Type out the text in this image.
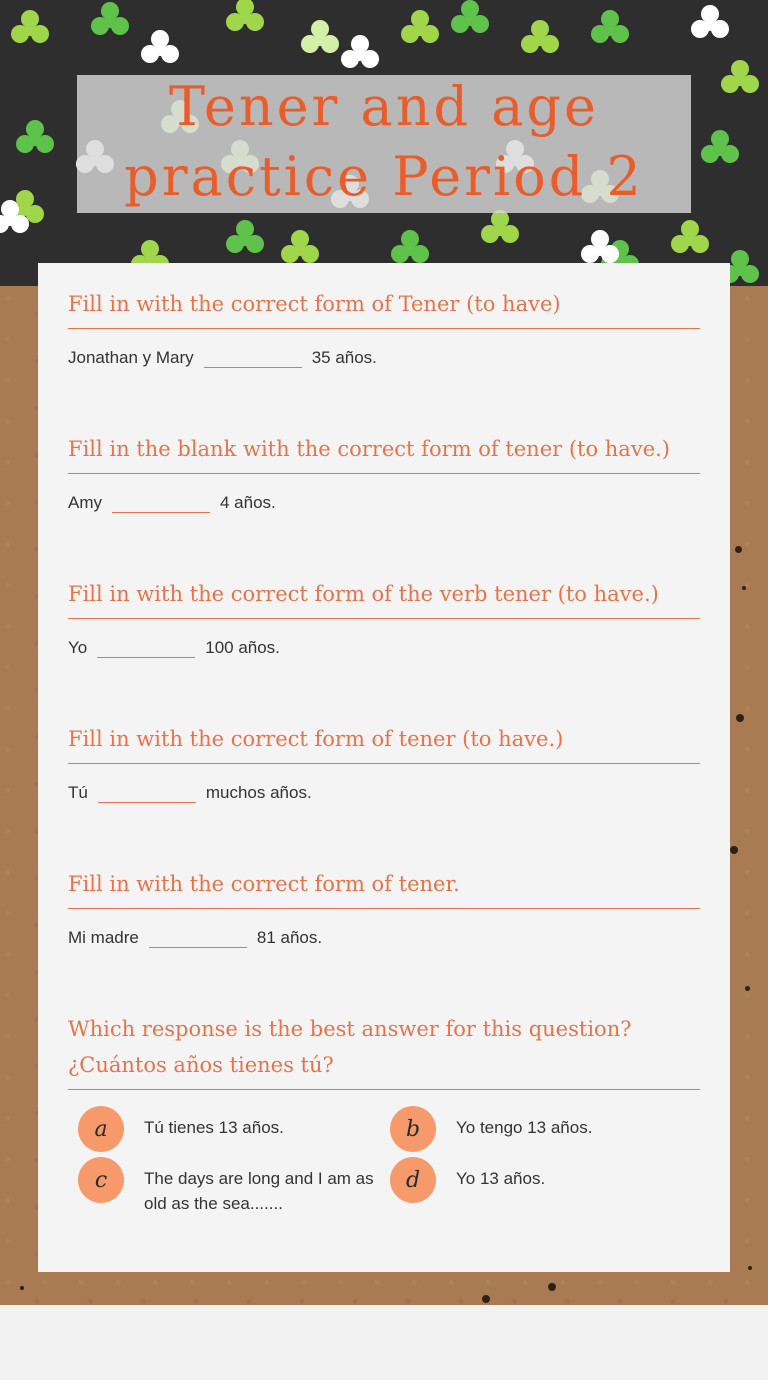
Tener and age practice Period 2

Fill in with the correct form of Tener (to have)

Jonathan y Mary	35 años.

Fill in the blank with the correct form of tener (to have.)

Amy	4 años.

Fill in with the correct form of the verb tener (to have.)

Yo	100 años.

Fill in with the correct form of tener (to have.)

Tú	muchos años.

Fill in with the correct form of tener.

Mi madre	81 años.

Which response is the best answer for this question?
¿Cuántos años tienes tú?

a	Tú tienes 13 años.	b	Yo tengo 13 años.
c	The days are long and I am as old as the sea.......
d	Yo 13 años.
